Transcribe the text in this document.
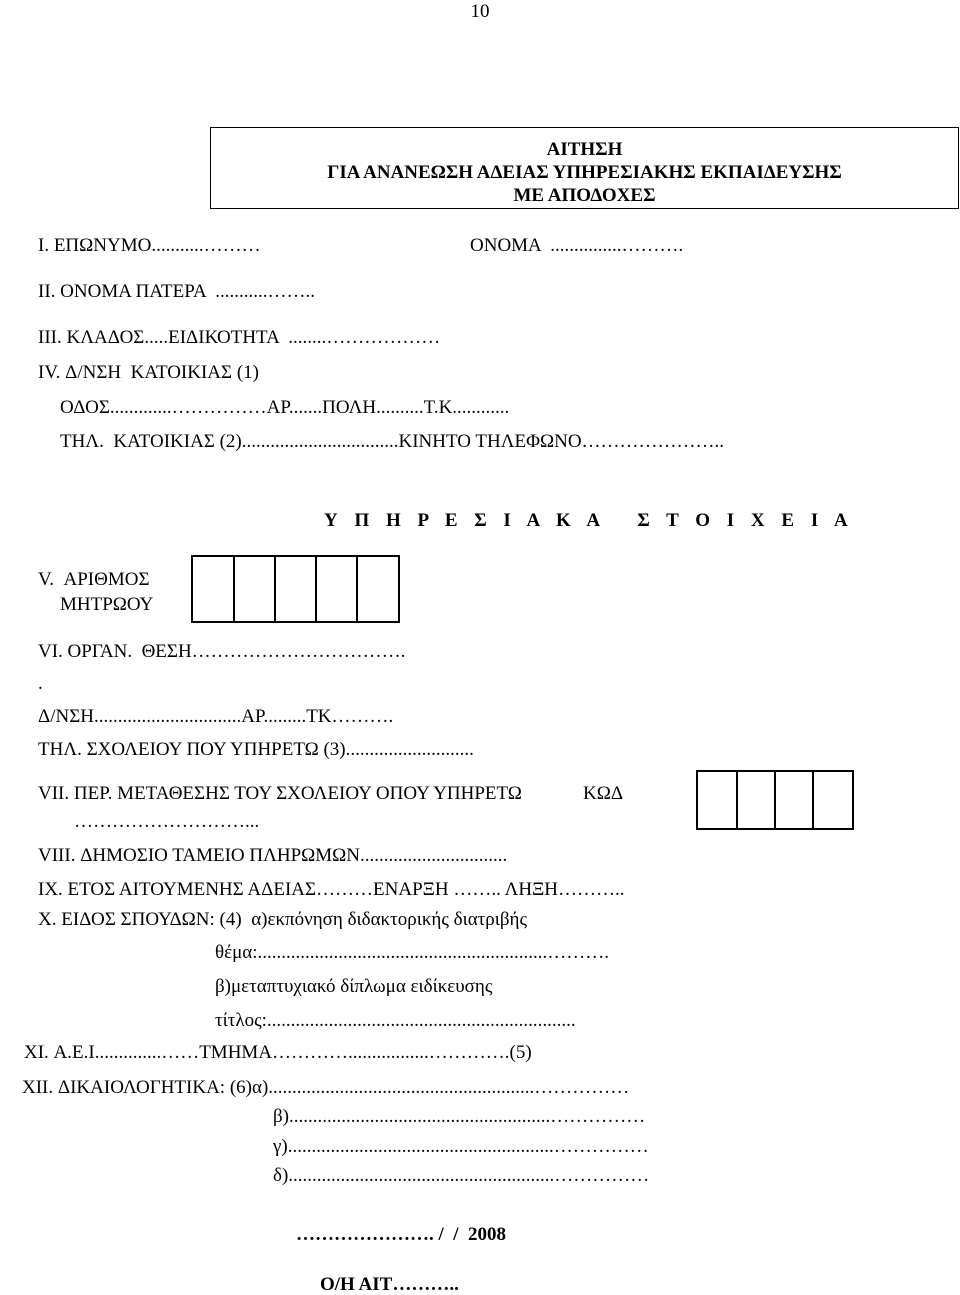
10
ΑΙΤΗΣΗ
ΓΙΑ ΑΝΑΝΕΩΣΗ ΑΔΕΙΑΣ ΥΠΗΡΕΣΙΑΚΗΣ ΕΚΠΑΙΔΕΥΣΗΣ
ΜΕ ΑΠΟΔΟΧΕΣ
I. ΕΠΩΝΥΜΟ...........………	ΟΝΟΜΑ  ...............……….
II. ΟΝΟΜΑ ΠΑΤΕΡΑ  ...........……..
III. ΚΛΑΔΟΣ.....ΕΙΔΙΚΟΤΗΤΑ  ........………………
IV. Δ/ΝΣΗ  ΚΑΤΟΙΚΙΑΣ (1)
ΟΔΟΣ.............……………ΑΡ.......ΠΟΛΗ..........Τ.Κ............
ΤΗΛ.  ΚΑΤΟΙΚΙΑΣ (2).................................ΚΙΝΗΤΟ ΤΗΛΕΦΩΝΟ…………………..
Υ Π Η Ρ Ε Σ Ι Α Κ Α   Σ Τ Ο Ι Χ Ε Ι Α
V.  ΑΡΙΘΜΟΣ
ΜΗΤΡΩΟΥ
VI. ΟΡΓΑΝ.  ΘΕΣΗ…………………………….
.
Δ/ΝΣΗ...............................ΑΡ.........ΤΚ……….
ΤΗΛ. ΣΧΟΛΕΙΟΥ ΠΟΥ ΥΠΗΡΕΤΩ (3)...........................
VII. ΠΕΡ. ΜΕΤΑΘΕΣΗΣ ΤΟΥ ΣΧΟΛΕΙΟΥ ΟΠΟΥ ΥΠΗΡΕΤΩ	ΚΩΔ
………………………...
VIII. ΔΗΜΟΣΙΟ ΤΑΜΕΙΟ ΠΛΗΡΩΜΩΝ...............................
IX. ΕΤΟΣ ΑΙΤΟΥΜΕΝΗΣ ΑΔΕΙΑΣ………ΕΝΑΡΞΗ …….. ΛΗΞΗ………..
X. ΕΙΔΟΣ ΣΠΟΥΔΩΝ: (4)  α)εκπόνηση διδακτορικής διατριβής
θέμα:.............................................................……….
β)μεταπτυχιακό δίπλωμα ειδίκευσης
τίτλος:.................................................................
XI. Α.Ε.Ι..............……ΤΜΗΜΑ………….................………….(5)
XII. ΔΙΚΑΙΟΛΟΓΗΤΙΚΑ: (6)α)........................................................……………
β).......................................................……………
γ)........................................................……………
δ)........................................................……………
…………………. /  /  2008
Ο/Η ΑΙΤ………..
